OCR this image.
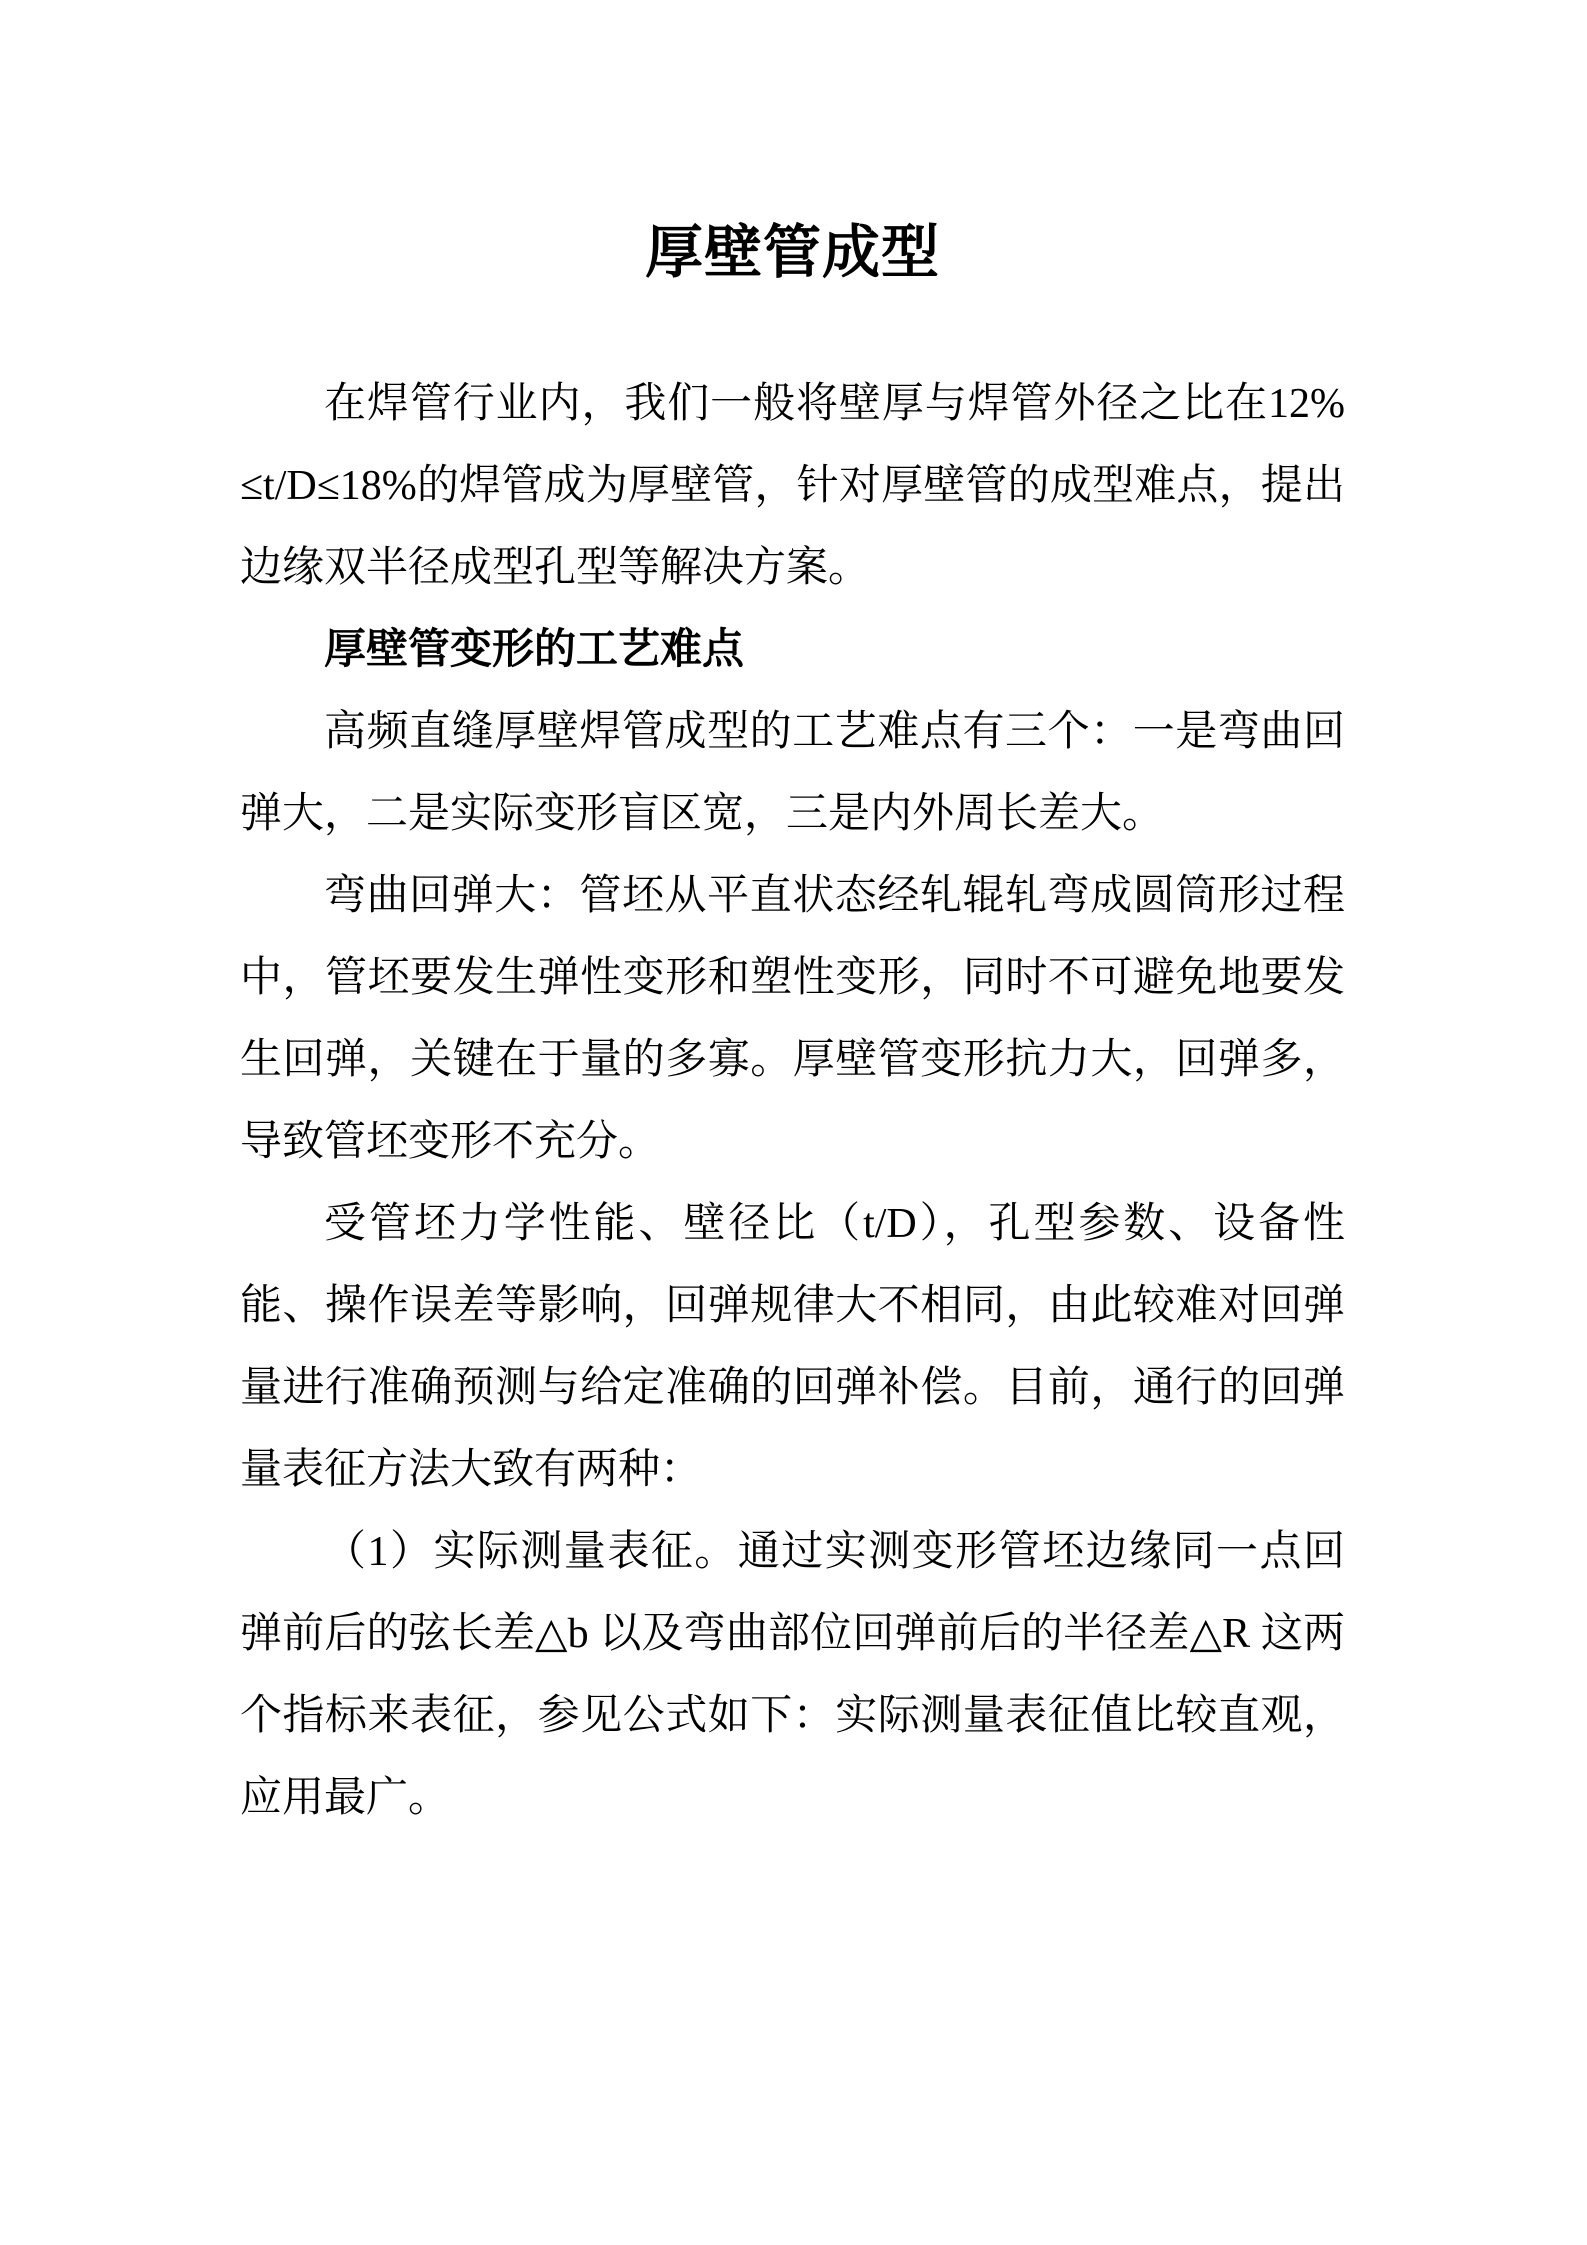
厚壁管成型

在焊管行业内，我们一般将壁厚与焊管外径之比在12%≤t/D≤18%的焊管成为厚壁管，针对厚壁管的成型难点，提出边缘双半径成型孔型等解决方案。

厚壁管变形的工艺难点

高频直缝厚壁焊管成型的工艺难点有三个：一是弯曲回弹大，二是实际变形盲区宽，三是内外周长差大。

弯曲回弹大：管坯从平直状态经轧辊轧弯成圆筒形过程中，管坯要发生弹性变形和塑性变形，同时不可避免地要发生回弹，关键在于量的多寡。厚壁管变形抗力大，回弹多，导致管坯变形不充分。

受管坯力学性能、壁径比（t/D），孔型参数、设备性能、操作误差等影响，回弹规律大不相同，由此较难对回弹量进行准确预测与给定准确的回弹补偿。目前，通行的回弹量表征方法大致有两种：

（1）实际测量表征。通过实测变形管坯边缘同一点回弹前后的弦长差△b 以及弯曲部位回弹前后的半径差△R 这两个指标来表征，参见公式如下：实际测量表征值比较直观，应用最广。
